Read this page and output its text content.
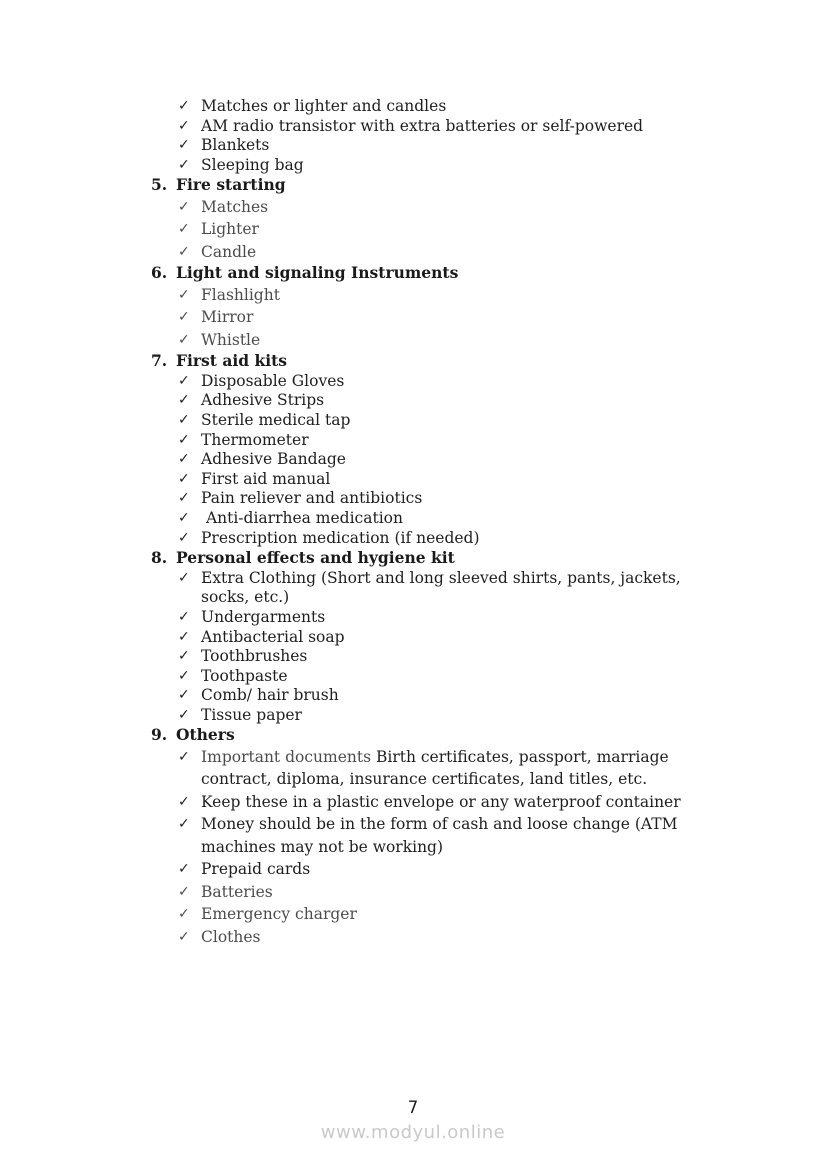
✓ Matches or lighter and candles
✓ AM radio transistor with extra batteries or self-powered
✓ Blankets
✓ Sleeping bag
5. Fire starting
✓ Matches
✓ Lighter
✓ Candle
6. Light and signaling Instruments
✓ Flashlight
✓ Mirror
✓ Whistle
7. First aid kits
✓ Disposable Gloves
✓ Adhesive Strips
✓ Sterile medical tap
✓ Thermometer
✓ Adhesive Bandage
✓ First aid manual
✓ Pain reliever and antibiotics
✓ Anti-diarrhea medication
✓ Prescription medication (if needed)
8. Personal effects and hygiene kit
✓ Extra Clothing (Short and long sleeved shirts, pants, jackets, socks, etc.)
✓ Undergarments
✓ Antibacterial soap
✓ Toothbrushes
✓ Toothpaste
✓ Comb/ hair brush
✓ Tissue paper
9. Others
✓ Important documents Birth certificates, passport, marriage contract, diploma, insurance certificates, land titles, etc.
✓ Keep these in a plastic envelope or any waterproof container
✓ Money should be in the form of cash and loose change (ATM machines may not be working)
✓ Prepaid cards
✓ Batteries
✓ Emergency charger
✓ Clothes
7
www.modyul.online
